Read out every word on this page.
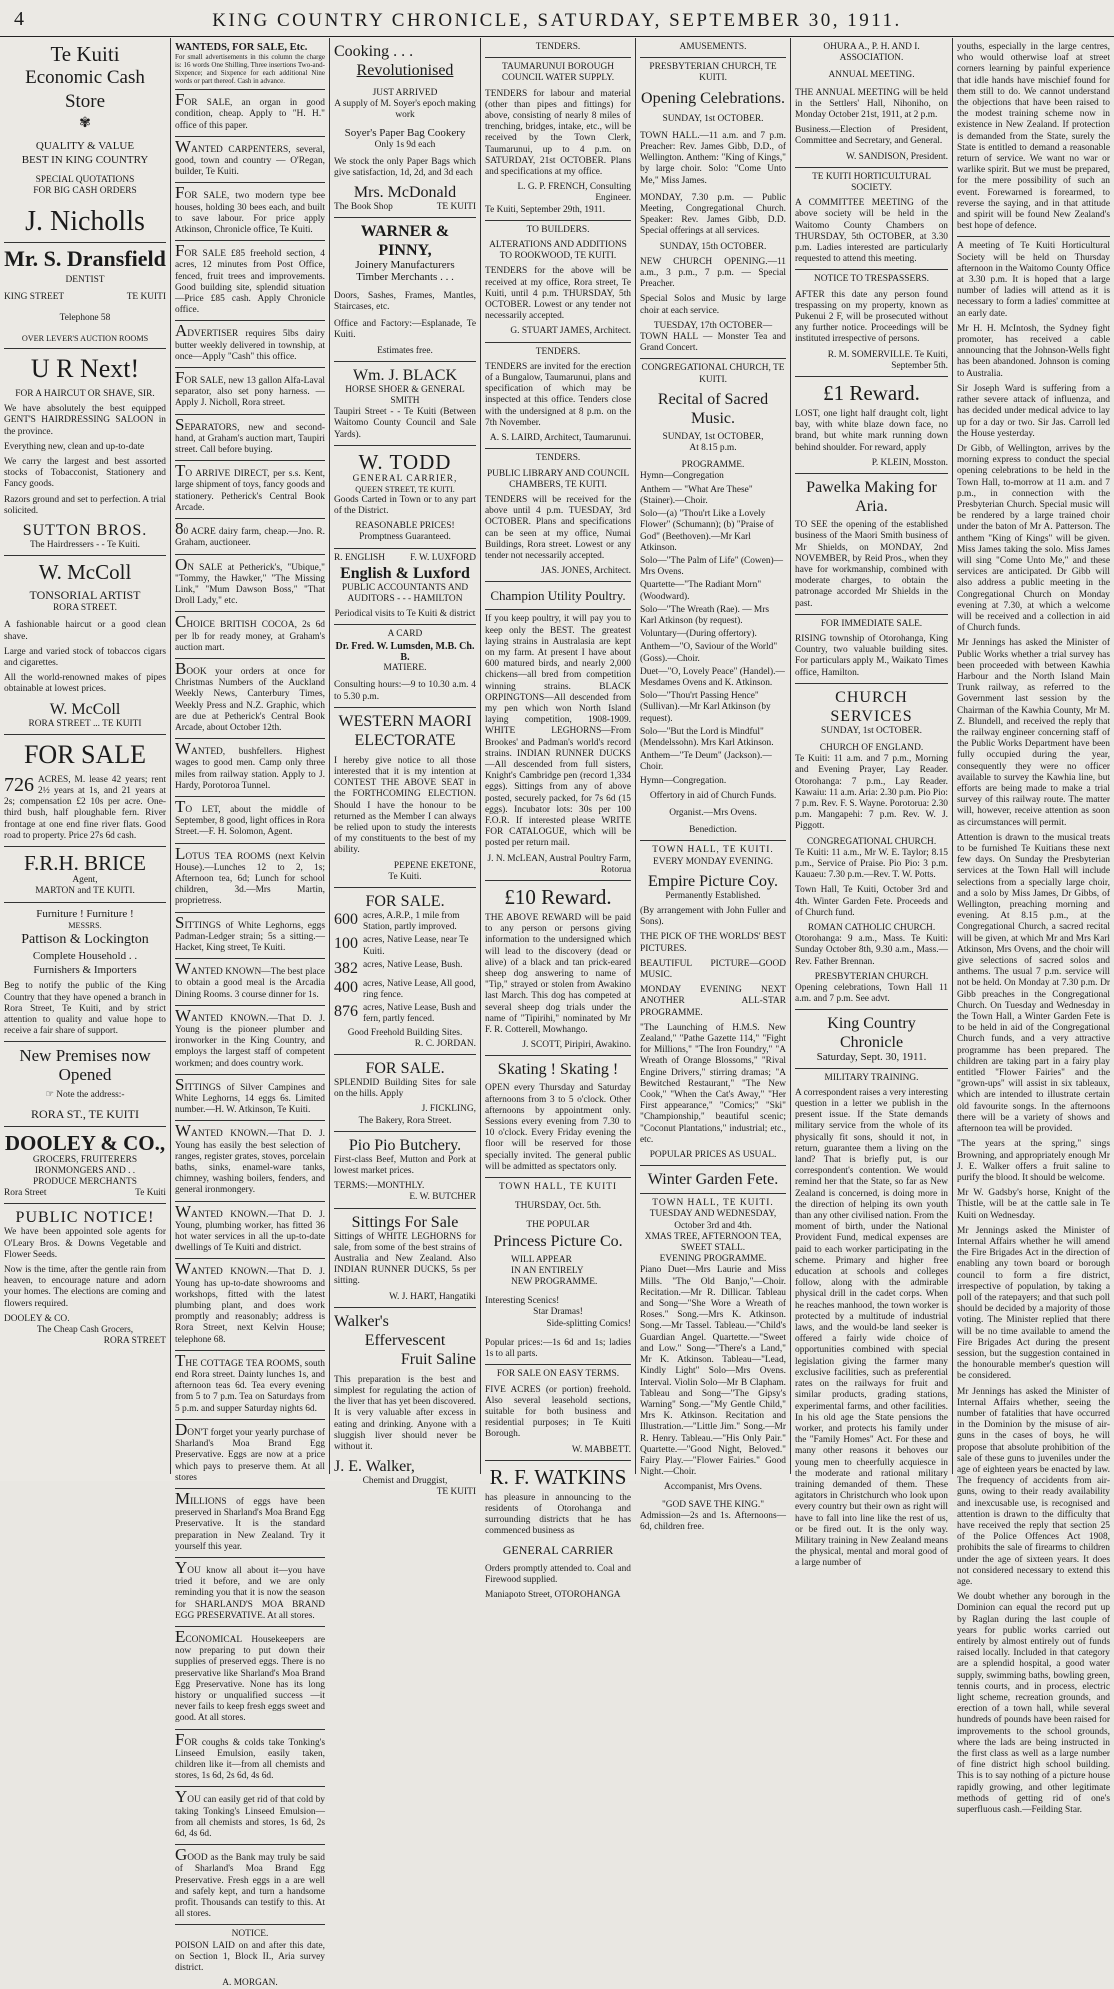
4	KING COUNTRY CHRONICLE, SATURDAY, SEPTEMBER 30, 1911.
Te Kuiti
Economic Cash Store
✾
QUALITY & VALUE
BEST IN KING COUNTRY
SPECIAL QUOTATIONS
FOR BIG CASH ORDERS
J. Nicholls
Mr. S. Dransfield
DENTIST
KING STREET	TE KUITI
Telephone 58
OVER LEVER'S AUCTION ROOMS
U R Next!
FOR A HAIRCUT OR SHAVE, SIR.

We have absolutely the best equipped GENT'S HAIRDRESSING SALOON in the province.

Everything new, clean and up-to-date

We carry the largest and best assorted stocks of Tobacconist, Stationery and Fancy goods.

Razors ground and set to perfection. A trial solicited.

SUTTON BROS.
The Hairdressers - - Te Kuiti.
W. McColl
TONSORIAL ARTIST
RORA STREET.

A fashionable haircut or a good clean shave.

Large and varied stock of tobaccos cigars and cigarettes.

All the world-renowned makes of pipes obtainable at lowest prices.

W. McColl
RORA STREET ... TE KUITI
FOR SALE

726 ACRES, M. lease 42 years; rent 2½ years at 1s, and 21 years at 2s; compensation £2 10s per acre. One-third bush, half ploughable fern. River frontage at one end fine river flats. Good road to property. Price 27s 6d cash.

F.R.H. BRICE
Agent,
MARTON and TE KUITI.
Furniture ! Furniture !
MESSRS.
Pattison & Lockington
Complete Household . .
Furnishers & Importers

Beg to notify the public of the King Country that they have opened a branch in Rora Street, Te Kuiti, and by strict attention to quality and value hope to receive a fair share of support.

New Premises now
Opened
☞ Note the address:-
RORA ST., TE KUITI
DOOLEY & CO.,
GROCERS, FRUITERERS
IRONMONGERS AND . .
PRODUCE MERCHANTS
Rora Street	Te Kuiti
PUBLIC NOTICE!

We have been appointed sole agents for O'Leary Bros. & Downs Vegetable and Flower Seeds.

Now is the time, after the gentle rain from heaven, to encourage nature and adorn your homes. The elections are coming and flowers required.

DOOLEY & CO.
The Cheap Cash Grocers,
RORA STREET
WANTEDS, FOR SALE, Etc.

For small advertisements in this column the charge is: 16 words One Shilling, Three insertions Two-and-Sixpence; and Sixpence for each additional Nine words or part thereof. Cash in advance.

FOR SALE, an organ in good condition, cheap. Apply to "H. H." office of this paper.

WANTED CARPENTERS, several, good, town and country — O'Regan, builder, Te Kuiti.

FOR SALE, two modern type bee houses, holding 30 bees each, and built to save labour. For price apply Atkinson, Chronicle office, Te Kuiti.

FOR SALE £85 freehold section, 4 acres, 12 minutes from Post Office, fenced, fruit trees and improvements. Good building site, splendid situation—Price £85 cash. Apply Chronicle office.

ADVERTISER requires 5lbs dairy butter weekly delivered in township, at once—Apply "Cash" this office.

FOR SALE, new 13 gallon Alfa-Laval separator, also set pony harness. — Apply J. Nicholl, Rora street.

SEPARATORS, new and second-hand, at Graham's auction mart, Taupiri street. Call before buying.

TO ARRIVE DIRECT, per s.s. Kent, large shipment of toys, fancy goods and stationery. Petherick's Central Book Arcade.

80 ACRE dairy farm, cheap.—Jno. R. Graham, auctioneer.

ON SALE at Petherick's, "Ubique," "Tommy, the Hawker," "The Missing Link," "Mum Dawson Boss," "That Droll Lady," etc.

CHOICE BRITISH COCOA, 2s 6d per lb for ready money, at Graham's auction mart.

BOOK your orders at once for Christmas Numbers of the Auckland Weekly News, Canterbury Times, Weekly Press and N.Z. Graphic, which are due at Petherick's Central Book Arcade, about October 12th.

WANTED, bushfellers. Highest wages to good men. Camp only three miles from railway station. Apply to J. Hardy, Porotoroa Tunnel.

TO LET, about the middle of September, 8 good, light offices in Rora Street.—F. H. Solomon, Agent.

LOTUS TEA ROOMS (next Kelvin House).—Lunches 12 to 2, 1s; Afternoon tea, 6d; Lunch for school children, 3d.—Mrs Martin, proprietress.

SITTINGS of White Leghorns, eggs Padman-Ledger strain; 5s a sitting.—Hacket, King street, Te Kuiti.

WANTED KNOWN—The best place to obtain a good meal is the Arcadia Dining Rooms. 3 course dinner for 1s.

WANTED KNOWN.—That D. J. Young is the pioneer plumber and ironworker in the King Country, and employs the largest staff of competent workmen; and does country work.

SITTINGS of Silver Campines and White Leghorns, 14 eggs 6s. Limited number.—H. W. Atkinson, Te Kuiti.

WANTED KNOWN.—That D. J. Young has easily the best selection of ranges, register grates, stoves, porcelain baths, sinks, enamel-ware tanks, chimney, washing boilers, fenders, and general ironmongery.

WANTED KNOWN.—That D. J. Young, plumbing worker, has fitted 36 hot water services in all the up-to-date dwellings of Te Kuiti and district.

WANTED KNOWN.—That D. J. Young has up-to-date showrooms and workshops, fitted with the latest plumbing plant, and does work promptly and reasonably; address is Rora Street, next Kelvin House; telephone 68.

THE COTTAGE TEA ROOMS, south end Rora street. Dainty lunches 1s, and afternoon teas 6d. Tea every evening from 5 to 7 p.m. Tea on Saturdays from 5 p.m. and supper Saturday nights 6d.

DON'T forget your yearly purchase of Sharland's Moa Brand Egg Preservative. Eggs are now at a price which pays to preserve them. At all stores

MILLIONS of eggs have been preserved in Sharland's Moa Brand Egg Preservative. It is the standard preparation in New Zealand. Try it yourself this year.

YOU know all about it—you have tried it before, and we are only reminding you that it is now the season for SHARLAND'S MOA BRAND EGG PRESERVATIVE. At all stores.

ECONOMICAL Housekeepers are now preparing to put down their supplies of preserved eggs. There is no preservative like Sharland's Moa Brand Egg Preservative. None has its long history or unqualified success —it never fails to keep fresh eggs sweet and good. At all stores.

FOR coughs & colds take Tonking's Linseed Emulsion, easily taken, children like it—from all chemists and stores, 1s 6d, 2s 6d, 4s 6d.

YOU can easily get rid of that cold by taking Tonking's Linseed Emulsion—from all chemists and stores, 1s 6d, 2s 6d, 4s 6d.

GOOD as the Bank may truly be said of Sharland's Moa Brand Egg Preservative. Fresh eggs in a are well and safely kept, and turn a handsome profit. Thousands can testify to this. At all stores.

NOTICE.

POISON LAID on and after this date, on Section 1, Block II., Aria survey district.

A. MORGAN.
Cooking . . .
Revolutionised
JUST ARRIVED
A supply of M. Soyer's epoch making work
Soyer's Paper Bag Cookery
Only 1s 9d each

We stock the only Paper Bags which give satisfaction, 1d, 2d, and 3d each

Mrs. McDonald
The Book Shop	TE KUITI
WARNER & PINNY,
Joinery Manufacturers
Timber Merchants . . .

Doors, Sashes, Frames, Mantles, Staircases, etc.

Office and Factory:—Esplanade, Te Kuiti.

Estimates free.
Wm. J. BLACK
HORSE SHOER & GENERAL SMITH

Taupiri Street - - Te Kuiti (Between Waitomo County Council and Sale Yards).

W. TODD
GENERAL CARRIER,
QUEEN STREET, TE KUITI.

Goods Carted in Town or to any part of the District.

REASONABLE PRICES!
Promptness Guaranteed.
R. ENGLISH	F. W. LUXFORD
English & Luxford
PUBLIC ACCOUNTANTS AND AUDITORS - - - HAMILTON
Periodical visits to Te Kuiti & district
A CARD
Dr. Fred. W. Lumsden, M.B. Ch. B.
MATIERE.

Consulting hours:—9 to 10.30 a.m. 4 to 5.30 p.m.

WESTERN MAORI ELECTORATE

I hereby give notice to all those interested that it is my intention at CONTEST THE ABOVE SEAT in the FORTHCOMING ELECTION. Should I have the honour to be returned as the Member I can always be relied upon to study the interests of my constituents to the best of my ability.

PEPENE EKETONE,
Te Kuiti.
FOR SALE.
600 acres, A.R.P., 1 mile from Station, partly improved.
100 acres, Native Lease, near Te Kuiti.
382 acres, Native Lease, Bush.
400 acres, Native Lease, All good, ring fence.
876 acres, Native Lease, Bush and fern, partly fenced.
Good Freehold Building Sites.
R. C. JORDAN.
FOR SALE.

SPLENDID Building Sites for sale on the hills. Apply

J. FICKLING,
The Bakery, Rora Street.
Pio Pio Butchery.

First-class Beef, Mutton and Pork at lowest market prices.

TERMS:—MONTHLY.
E. W. BUTCHER
Sittings For Sale

Sittings of WHITE LEGHORNS for sale, from some of the best strains of Australia and New Zealand. Also INDIAN RUNNER DUCKS, 5s per sitting.

W. J. HART, Hangatiki
Walker's
Effervescent
Fruit Saline

This preparation is the best and simplest for regulating the action of the liver that has yet been discovered. It is very valuable after excess in eating and drinking. Anyone with a sluggish liver should never be without it.

J. E. Walker,
Chemist and Druggist,
TE KUITI
TENDERS.
TAUMARUNUI BOROUGH COUNCIL WATER SUPPLY.

TENDERS for labour and material (other than pipes and fittings) for above, consisting of nearly 8 miles of trenching, bridges, intake, etc., will be received by the Town Clerk, Taumarunui, up to 4 p.m. on SATURDAY, 21st OCTOBER. Plans and specifications at my office.

L. G. P. FRENCH, Consulting Engineer.
Te Kuiti, September 29th, 1911.
TO BUILDERS.
ALTERATIONS AND ADDITIONS TO ROOKWOOD, TE KUITI.

TENDERS for the above will be received at my office, Rora street, Te Kuiti, until 4 p.m. THURSDAY, 5th OCTOBER. Lowest or any tender not necessarily accepted.

G. STUART JAMES, Architect.
TENDERS.

TENDERS are invited for the erection of a Bungalow, Taumarunui, plans and specification of which may be inspected at this office. Tenders close with the undersigned at 8 p.m. on the 7th November.

A. S. LAIRD, Architect, Taumarunui.
TENDERS.
PUBLIC LIBRARY AND COUNCIL CHAMBERS, TE KUITI.

TENDERS will be received for the above until 4 p.m. TUESDAY, 3rd OCTOBER. Plans and specifications can be seen at my office, Numai Buildings, Rora street. Lowest or any tender not necessarily accepted.

JAS. JONES, Architect.
Champion Utility Poultry.

If you keep poultry, it will pay you to keep only the BEST. The greatest laying strains in Australasia are kept on my farm. At present I have about 600 matured birds, and nearly 2,000 chickens—all bred from competition winning strains. BLACK ORPINGTONS—All descended from my pen which won North Island laying competition, 1908-1909. WHITE LEGHORNS—From Brookes' and Padman's world's record strains. INDIAN RUNNER DUCKS—All descended from full sisters, Knight's Cambridge pen (record 1,334 eggs). Sittings from any of above posted, securely packed, for 7s 6d (15 eggs). Incubator lots: 30s per 100 F.O.R. If interested please WRITE FOR CATALOGUE, which will be posted per return mail.

J. N. McLEAN, Austral Poultry Farm, Rotorua
£10 Reward.

THE ABOVE REWARD will be paid to any person or persons giving information to the undersigned which will lead to the discovery (dead or alive) of a black and tan prick-eared sheep dog answering to name of "Tip," strayed or stolen from Awakino last March. This dog has competed at several sheep dog trials under the name of "Tipirihi," nominated by Mr F. R. Cotterell, Mowhango.

J. SCOTT, Piripiri, Awakino.
Skating ! Skating !

OPEN every Thursday and Saturday afternoons from 3 to 5 o'clock. Other afternoons by appointment only. Sessions every evening from 7.30 to 10 o'clock. Every Friday evening the floor will be reserved for those specially invited. The general public will be admitted as spectators only.

TOWN HALL, TE KUITI
THURSDAY, Oct. 5th.
THE POPULAR
Princess Picture Co.
WILL APPEAR
IN AN ENTIRELY
NEW PROGRAMME.
Interesting Scenics!
Star Dramas!
Side-splitting Comics!

Popular prices:—1s 6d and 1s; ladies 1s to all parts.

FOR SALE ON EASY TERMS.

FIVE ACRES (or portion) freehold. Also several leasehold sections, suitable for both business and residential purposes; in Te Kuiti Borough.

W. MABBETT.
R. F. WATKINS

has pleasure in announcing to the residents of Otorohanga and surrounding districts that he has commenced business as

GENERAL CARRIER

Orders promptly attended to. Coal and Firewood supplied.

Maniapoto Street, OTOROHANGA
AMUSEMENTS.
PRESBYTERIAN CHURCH, TE KUITI.
Opening Celebrations.
SUNDAY, 1st OCTOBER.

TOWN HALL.—11 a.m. and 7 p.m. Preacher: Rev. James Gibb, D.D., of Wellington. Anthem: "King of Kings," by large choir. Solo: "Come Unto Me," Miss James.

MONDAY, 7.30 p.m. — Public Meeting, Congregational Church. Speaker: Rev. James Gibb, D.D. Special offerings at all services.

SUNDAY, 15th OCTOBER.

NEW CHURCH OPENING.—11 a.m., 3 p.m., 7 p.m. — Special Preacher.

Special Solos and Music by large choir at each service.

TUESDAY, 17th OCTOBER—

TOWN HALL — Monster Tea and Grand Concert.

CONGREGATIONAL CHURCH, TE KUITI.
Recital of Sacred
Music.
SUNDAY, 1st OCTOBER,
At 8.15 p.m.
PROGRAMME.
Hymn—Congregation
Anthem — "What Are These" (Stainer).—Choir.
Solo—(a) "Thou'rt Like a Lovely Flower" (Schumann); (b) "Praise of God" (Beethoven).—Mr Karl Atkinson.
Solo—"The Palm of Life" (Cowen)—Mrs Ovens.
Quartette—"The Radiant Morn" (Woodward).
Solo—"The Wreath (Rae). — Mrs Karl Atkinson (by request).
Voluntary—(During offertory).
Anthem—"O, Saviour of the World" (Goss).—Choir.
Duet—"O, Lovely Peace" (Handel).—Mesdames Ovens and K. Atkinson.
Solo—"Thou'rt Passing Hence" (Sullivan).—Mr Karl Atkinson (by request).
Solo—"But the Lord is Mindful" (Mendelssohn). Mrs Karl Atkinson.
Anthem—"Te Deum" (Jackson).—Choir.
Hymn—Congregation.
Offertory in aid of Church Funds.
Organist.—Mrs Ovens.
Benediction.
TOWN HALL, TE KUITI.
EVERY MONDAY EVENING.
Empire Picture Coy.
Permanently Established.

(By arrangement with John Fuller and Sons).

THE PICK OF THE WORLDS' BEST PICTURES.

BEAUTIFUL PICTURE—GOOD MUSIC.

MONDAY EVENING NEXT ANOTHER ALL-STAR PROGRAMME.

"The Launching of H.M.S. New Zealand," "Pathe Gazette 114," "Fight for Millions," "The Iron Foundry," "A Wreath of Orange Blossoms," "Rival Engine Drivers," stirring dramas; "A Bewitched Restaurant," "The New Cook," "When the Cat's Away," "Her First appearance," "Comics;" "Ski" "Championship," beautiful scenic; "Coconut Plantations," industrial; etc., etc.

POPULAR PRICES AS USUAL.
Winter Garden Fete.
TOWN HALL, TE KUITI.
TUESDAY AND WEDNESDAY, October 3rd and 4th.
XMAS TREE, AFTERNOON TEA, SWEET STALL.
EVENING PROGRAMME.

Piano Duet—Mrs Laurie and Miss Mills. "The Old Banjo,"—Choir. Recitation.—Mr R. Dillicar. Tableau and Song—"She Wore a Wreath of Roses." Song.—Mrs K. Atkinson. Song.—Mr Tassel. Tableau.—"Child's Guardian Angel. Quartette.—"Sweet and Low." Song—"There's a Land," Mr K. Atkinson. Tableau—"Lead, Kindly Light" Solo—Mrs Ovens. Interval. Violin Solo—Mr B Clapham. Tableau and Song—"The Gipsy's Warning" Song.—"My Gentle Child," Mrs K. Atkinson. Recitation and Illustration.—"Little Jim." Song.—Mr R. Henry. Tableau.—"His Only Pair." Quartette.—"Good Night, Beloved." Fairy Play.—"Flower Fairies." Good Night.—Choir.

Accompanist, Mrs Ovens.
"GOD SAVE THE KING."

Admission—2s and 1s. Afternoons—6d, children free.

OHURA A., P. H. AND I. ASSOCIATION.
ANNUAL MEETING.

THE ANNUAL MEETING will be held in the Settlers' Hall, Nihoniho, on Monday October 21st, 1911, at 2 p.m.

Business.—Election of President, Committee and Secretary, and General.

W. SANDISON, President.
TE KUITI HORTICULTURAL SOCIETY.

A COMMITTEE MEETING of the above society will be held in the Waitomo County Chambers on THURSDAY, 5th OCTOBER, at 3.30 p.m. Ladies interested are particularly requested to attend this meeting.

NOTICE TO TRESPASSERS.

AFTER this date any person found trespassing on my property, known as Pukenui 2 F, will be prosecuted without any further notice. Proceedings will be instituted irrespective of persons.

R. M. SOMERVILLE. Te Kuiti, September 5th.

£1 Reward.

LOST, one light half draught colt, light bay, with white blaze down face, no brand, but white mark running down behind shoulder. For reward, apply

P. KLEIN, Mosston.
Pawelka Making for Aria.

TO SEE the opening of the established business of the Maori Smith business of Mr Shields, on MONDAY, 2nd NOVEMBER, by Reid Pros., when they have for workmanship, combined with moderate charges, to obtain the patronage accorded Mr Shields in the past.

FOR IMMEDIATE SALE.

RISING township of Otorohanga, King Country, two valuable building sites. For particulars apply M., Waikato Times office, Hamilton.

CHURCH SERVICES
SUNDAY, 1st OCTOBER.
CHURCH OF ENGLAND.

Te Kuiti: 11 a.m. and 7 p.m., Morning and Evening Prayer, Lay Reader. Otorohanga: 7 p.m., Lay Reader. Kawaiu: 11 a.m. Aria: 2.30 p.m. Pio Pio: 7 p.m. Rev. F. S. Wayne. Porotorua: 2.30 p.m. Mangapehi: 7 p.m. Rev. W. J. Piggott.

CONGREGATIONAL CHURCH.

Te Kuiti: 11 a.m., Mr W. E. Taylor; 8.15 p.m., Service of Praise. Pio Pio: 3 p.m. Kauaeu: 7.30 p.m.—Rev. T. W. Potts.

Town Hall, Te Kuiti, October 3rd and 4th. Winter Garden Fete. Proceeds and of Church fund.

ROMAN CATHOLIC CHURCH.

Otorohanga: 9 a.m., Mass. Te Kuiti: Sunday October 8th, 9.30 a.m., Mass.—Rev. Father Brennan.

PRESBYTERIAN CHURCH.

Opening celebrations, Town Hall 11 a.m. and 7 p.m. See advt.

King Country Chronicle
Saturday, Sept. 30, 1911.
MILITARY TRAINING.

A correspondent raises a very interesting question in a letter we publish in the present issue. If the State demands military service from the whole of its physically fit sons, should it not, in return, guarantee them a living on the land? That is briefly put, is our correspondent's contention. We would remind her that the State, so far as New Zealand is concerned, is doing more in the direction of helping its own youth than any other civilised nation. From the moment of birth, under the National Provident Fund, medical expenses are paid to each worker participating in the scheme. Primary and higher free education at schools and colleges follow, along with the admirable physical drill in the cadet corps. When he reaches manhood, the town worker is protected by a multitude of industrial laws, and the would-be land seeker is offered a fairly wide choice of opportunities combined with special legislation giving the farmer many exclusive facilities, such as preferential rates on the railways for fruit and similar products, grading stations, experimental farms, and other facilities. In his old age the State pensions the worker, and protects his family under the "Family Homes" Act. For these and many other reasons it behoves our young men to cheerfully acquiesce in the moderate and rational military training demanded of them. These agitators in Christchurch who look upon every country but their own as right will have to fall into line like the rest of us, or be fired out. It is the only way. Military training in New Zealand means the physical, mental and moral good of a large number of

youths, especially in the large centres, who would otherwise loaf at street corners learning by painful experience that idle hands have mischief found for them still to do. We cannot understand the objections that have been raised to the modest training scheme now in existence in New Zealand. If protection is demanded from the State, surely the State is entitled to demand a reasonable return of service. We want no war or warlike spirit. But we must be prepared, for the mere possibility of such an event. Forewarned is forearmed, to reverse the saying, and in that attitude and spirit will be found New Zealand's best hope of defence.

A meeting of Te Kuiti Horticultural Society will be held on Thursday afternoon in the Waitomo County Office at 3.30 p.m. It is hoped that a large number of ladies will attend as it is necessary to form a ladies' committee at an early date.

Mr H. H. McIntosh, the Sydney fight promoter, has received a cable announcing that the Johnson-Wells fight has been abandoned. Johnson is coming to Australia.

Sir Joseph Ward is suffering from a rather severe attack of influenza, and has decided under medical advice to lay up for a day or two. Sir Jas. Carroll led the House yesterday.

Dr Gibb, of Wellington, arrives by the morning express to conduct the special opening celebrations to be held in the Town Hall, to-morrow at 11 a.m. and 7 p.m., in connection with the Presbyterian Church. Special music will be rendered by a large trained choir under the baton of Mr A. Patterson. The anthem "King of Kings" will be given. Miss James taking the solo. Miss James will sing "Come Unto Me," and these services are anticipated. Dr Gibb will also address a public meeting in the Congregational Church on Monday evening at 7.30, at which a welcome will be received and a collection in aid of Church funds.

Mr Jennings has asked the Minister of Public Works whether a trial survey has been proceeded with between Kawhia Harbour and the North Island Main Trunk railway, as referred to the Government last session by the Chairman of the Kawhia County, Mr M. Z. Blundell, and received the reply that the railway engineer concerning staff of the Public Works Department have been fully occupied during the year, consequently they were no officer available to survey the Kawhia line, but efforts are being made to make a trial survey of this railway route. The matter will, however, receive attention as soon as circumstances will permit.

Attention is drawn to the musical treats to be furnished Te Kuitians these next few days. On Sunday the Presbyterian services at the Town Hall will include selections from a specially large choir, and a solo by Miss James, Dr Gibbs, of Wellington, preaching morning and evening. At 8.15 p.m., at the Congregational Church, a sacred recital will be given, at which Mr and Mrs Karl Atkinson, Mrs Ovens, and the choir will give selections of sacred solos and anthems. The usual 7 p.m. service will not be held. On Monday at 7.30 p.m. Dr Gibb preaches in the Congregational Church. On Tuesday and Wednesday in the Town Hall, a Winter Garden Fete is to be held in aid of the Congregational Church funds, and a very attractive programme has been prepared. The children are taking part in a fairy play entitled "Flower Fairies" and the "grown-ups" will assist in six tableaux, which are intended to illustrate certain old favourite songs. In the afternoons there will be a variety of shows and afternoon tea will be provided.

"The years at the spring," sings Browning, and appropriately enough Mr J. E. Walker offers a fruit saline to purify the blood. It should be welcome.

Mr W. Gadsby's horse, Knight of the Thistle, will be at the cattle sale in Te Kuiti on Wednesday.

Mr Jennings asked the Minister of Internal Affairs whether he will amend the Fire Brigades Act in the direction of enabling any town board or borough council to form a fire district, irrespective of population, by taking a poll of the ratepayers; and that such poll should be decided by a majority of those voting. The Minister replied that there will be no time available to amend the Fire Brigades Act during the present session, but the suggestion contained in the honourable member's question will be considered.

Mr Jennings has asked the Minister of Internal Affairs whether, seeing the number of fatalities that have occurred in the Dominion by the misuse of air-guns in the cases of boys, he will propose that absolute prohibition of the sale of these guns to juveniles under the age of eighteen years be enacted by law. The frequency of accidents from air-guns, owing to their ready availability and inexcusable use, is recognised and attention is drawn to the difficulty that have received the reply that section 25 of the Police Offences Act 1908, prohibits the sale of firearms to children under the age of sixteen years. It does not considered necessary to extend this age.

We doubt whether any borough in the Dominion can equal the record put up by Raglan during the last couple of years for public works carried out entirely by almost entirely out of funds raised locally. Included in that category are a splendid hospital, a good water supply, swimming baths, bowling green, tennis courts, and in process, electric light scheme, recreation grounds, and erection of a town hall, while several hundreds of pounds have been raised for improvements to the school grounds, where the lads are being instructed in the first class as well as a large number of fine district high school building. This is to say nothing of a picture house rapidly growing, and other legitimate methods of getting rid of one's superfluous cash.—Feilding Star.
